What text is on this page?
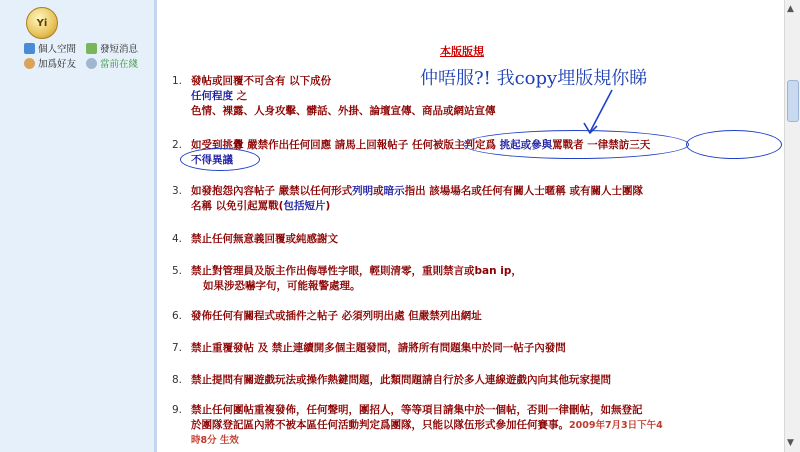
Yi
個人空間	發短消息
加爲好友	當前在綫
本版版規
仲唔服?! 我copy埋版規你睇
1. 發帖或回覆不可含有 以下成份
任何程度 之
色情、裸露、人身攻擊、髒話、外掛、論壇宣傳、商品或網站宣傳
2. 如受到挑釁 嚴禁作出任何回應 請馬上回報帖子 任何被版主判定爲 挑起或參與罵戰者 一律禁訪三天
不得異議
3. 如發抱怨內容帖子 嚴禁以任何形式列明或暗示指出 該場場名或任何有關人士暱稱 或有關人士團隊
名稱 以免引起罵戰(包括短片)
4. 禁止任何無意義回覆或純感謝文
5. 禁止對管理員及版主作出侮辱性字眼，輕則清零，重則禁言或ban ip，
如果涉恐嚇字句，可能報警處理。
6. 發佈任何有關程式或插件之帖子 必須列明出處 但嚴禁列出網址
7. 禁止重覆發帖 及 禁止連續開多個主題發問，請將所有問題集中於同一帖子內發問
8. 禁止提問有關遊戲玩法或操作熱鍵問題，此類問題請自行於多人連線遊戲內向其他玩家提問
9. 禁止任何團帖重複發佈，任何聲明，團招人，等等項目請集中於一個帖，否則一律刪帖，如無登記
於團隊登記區內將不被本區任何活動判定爲團隊，只能以隊伍形式參加任何賽事。2009年7月3日下午4
時8分 生效
▲
▼
